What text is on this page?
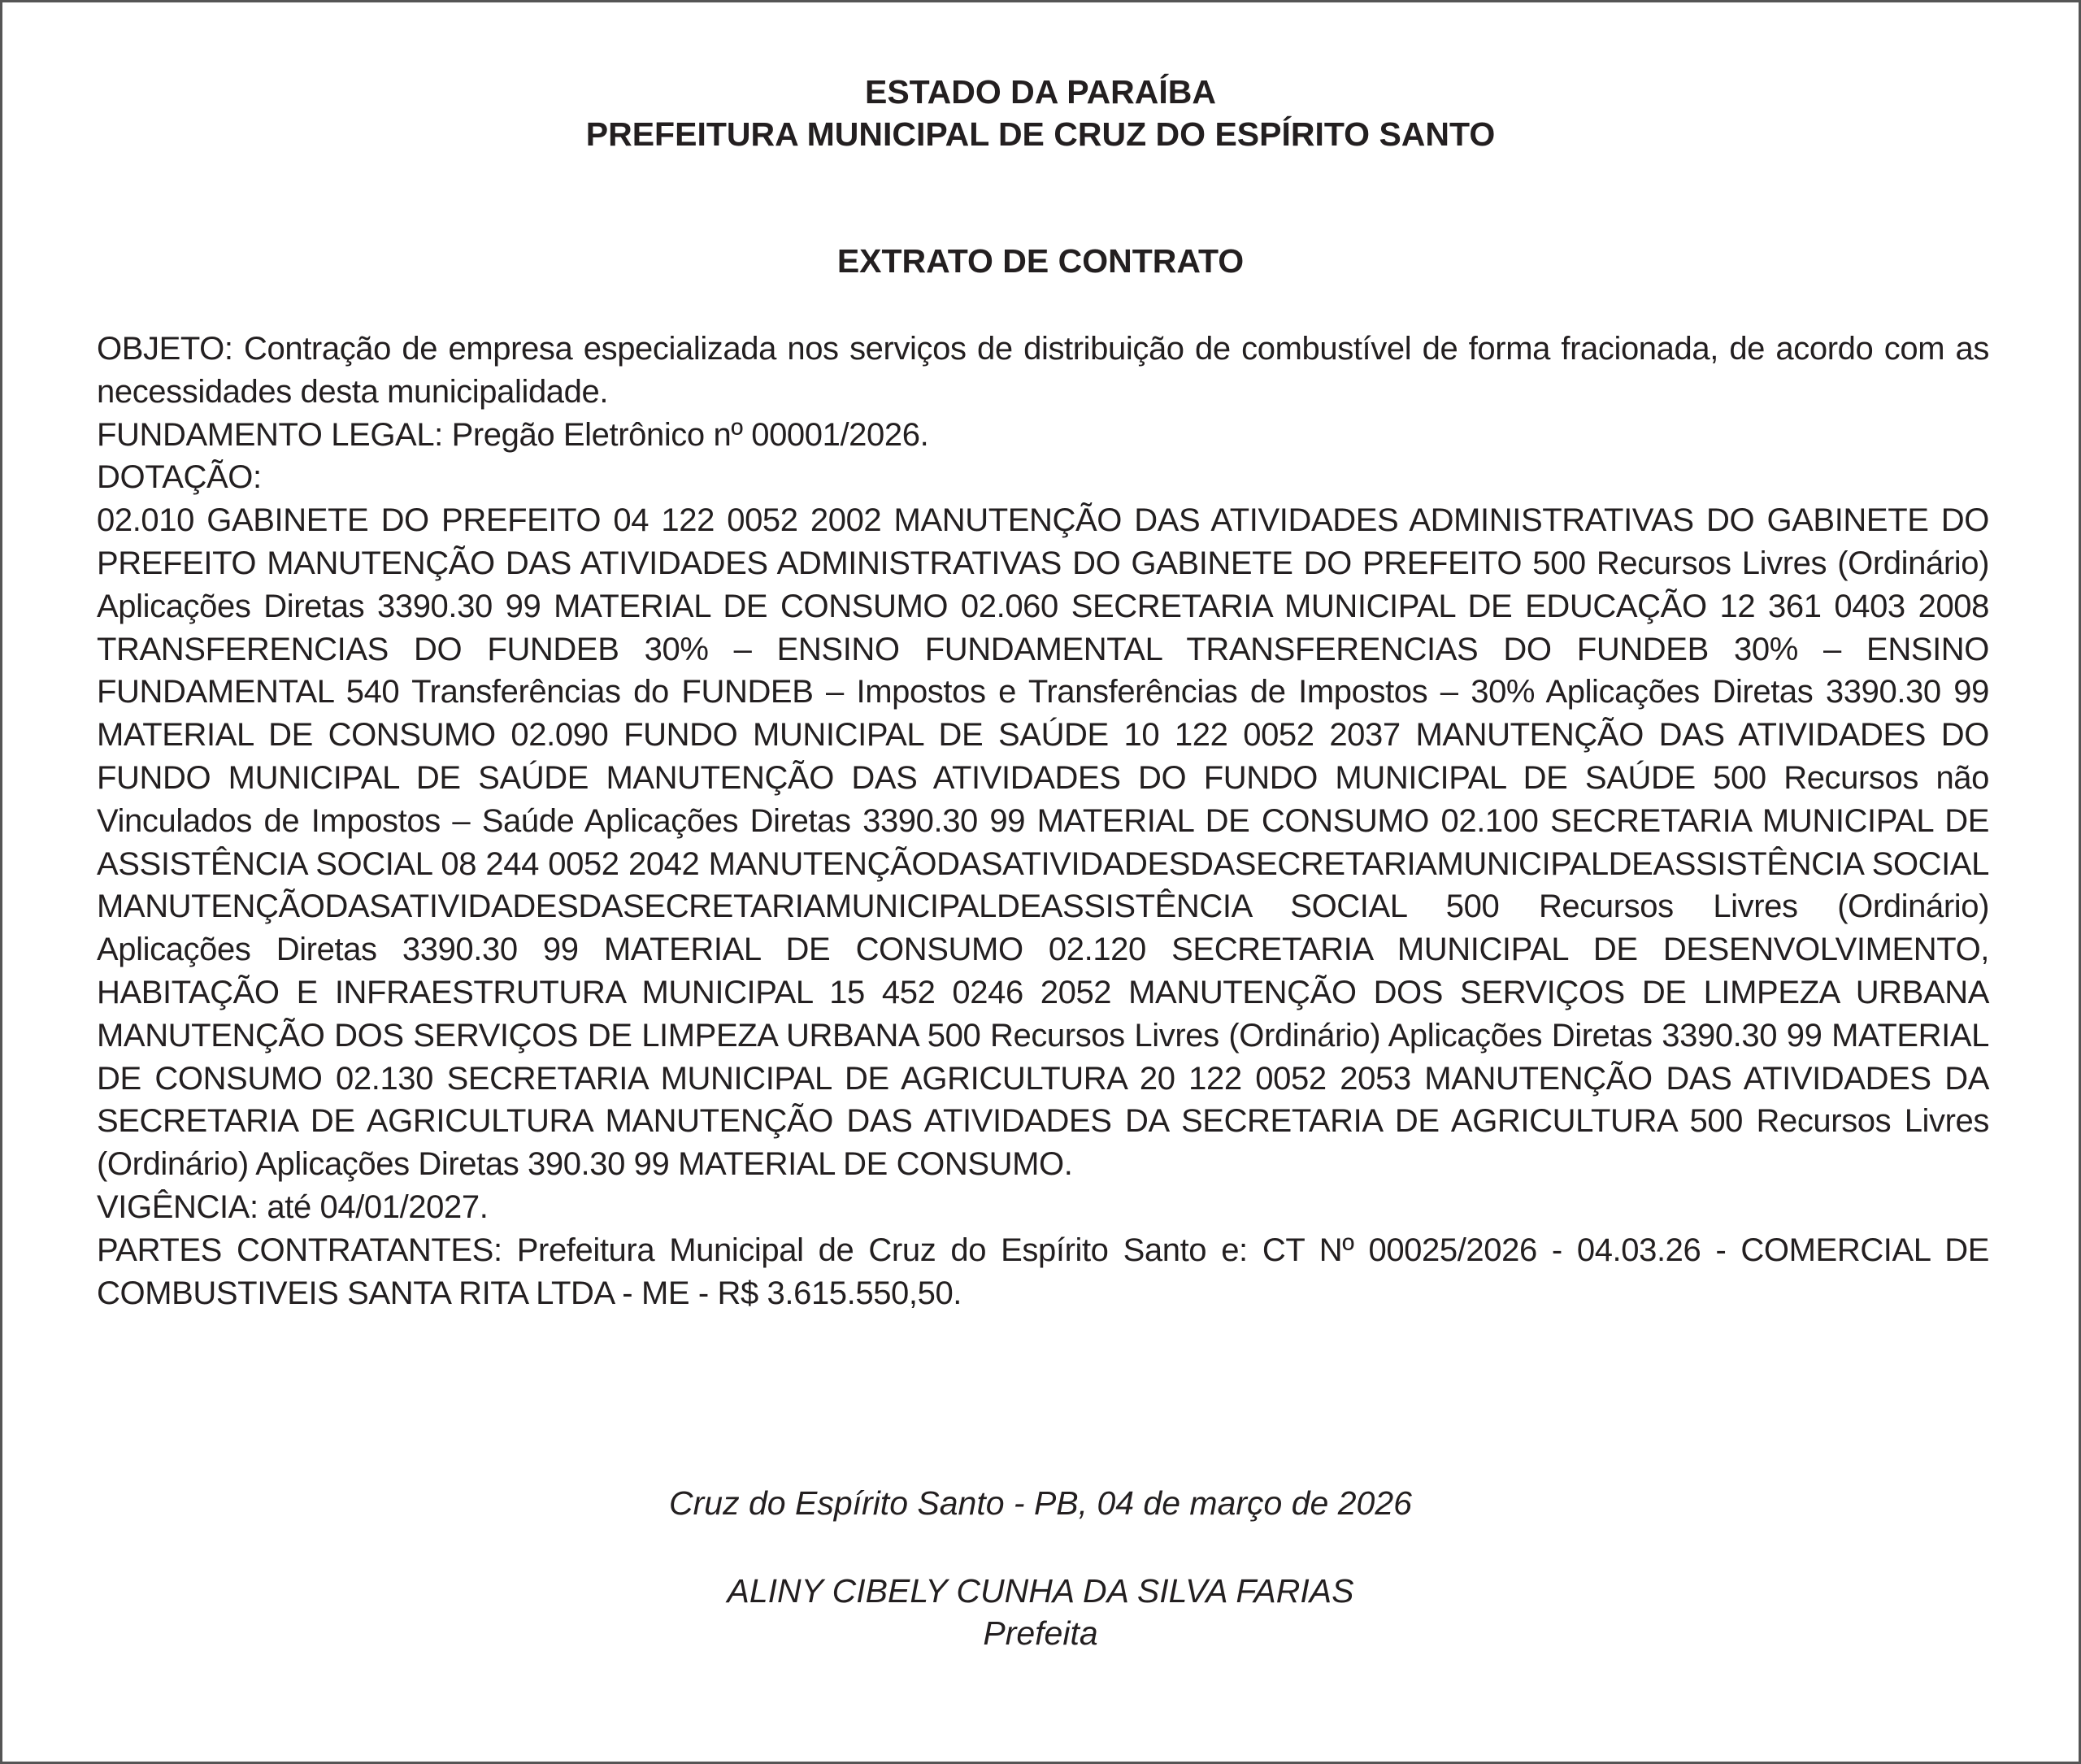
ESTADO DA PARAÍBA
PREFEITURA MUNICIPAL DE CRUZ DO ESPÍRITO SANTO
EXTRATO DE CONTRATO

OBJETO: Contração de empresa especializada nos serviços de distribuição de combustível de forma fracionada, de acordo com as necessidades desta municipalidade.

FUNDAMENTO LEGAL: Pregão Eletrônico nº 00001/2026.

DOTAÇÃO:

02.010 GABINETE DO PREFEITO 04 122 0052 2002 MANUTENÇÃO DAS ATIVIDADES ADMINISTRATIVAS DO GABINETE DO PREFEITO MANUTENÇÃO DAS ATIVIDADES ADMINISTRATIVAS DO GABINETE DO PREFEITO 500 Recursos Livres (Ordinário) Aplicações Diretas 3390.30 99 MATERIAL DE CONSUMO 02.060 SECRETARIA MUNICIPAL DE EDUCAÇÃO 12 361 0403 2008 TRANSFERENCIAS DO FUNDEB 30% – ENSINO FUNDAMENTAL TRANSFERENCIAS DO FUNDEB 30% – ENSINO FUNDAMENTAL 540 Transferências do FUNDEB – Impostos e Transferências de Impostos – 30% Aplicações Diretas 3390.30 99 MATERIAL DE CONSUMO 02.090 FUNDO MUNICIPAL DE SAÚDE 10 122 0052 2037 MANUTENÇÃO DAS ATIVIDADES DO FUNDO MUNICIPAL DE SAÚDE MANUTENÇÃO DAS ATIVIDADES DO FUNDO MUNICIPAL DE SAÚDE 500 Recursos não Vinculados de Impostos – Saúde Aplicações Diretas 3390.30 99 MATERIAL DE CONSUMO 02.100 SECRETARIA MUNICIPAL DE ASSISTÊNCIA SOCIAL 08 244 0052 2042 MANUTENÇÃODASATIVIDADESDASECRETARIAMUNICIPALDEASSISTÊNCIA SOCIAL MANUTENÇÃODASATIVIDADESDASECRETARIAMUNICIPALDEASSISTÊNCIA SOCIAL 500 Recursos Livres (Ordinário) Aplicações Diretas 3390.30 99 MATERIAL DE CONSUMO 02.120 SECRETARIA MUNICIPAL DE DESENVOLVIMENTO, HABITAÇÃO E INFRAESTRUTURA MUNICIPAL 15 452 0246 2052 MANUTENÇÃO DOS SERVIÇOS DE LIMPEZA URBANA MANUTENÇÃO DOS SERVIÇOS DE LIMPEZA URBANA 500 Recursos Livres (Ordinário) Aplicações Diretas 3390.30 99 MATERIAL DE CONSUMO 02.130 SECRETARIA MUNICIPAL DE AGRICULTURA 20 122 0052 2053 MANUTENÇÃO DAS ATIVIDADES DA SECRETARIA DE AGRICULTURA MANUTENÇÃO DAS ATIVIDADES DA SECRETARIA DE AGRICULTURA 500 Recursos Livres (Ordinário) Aplicações Diretas 390.30 99 MATERIAL DE CONSUMO.

VIGÊNCIA: até 04/01/2027.

PARTES CONTRATANTES: Prefeitura Municipal de Cruz do Espírito Santo e: CT Nº 00025/2026 - 04.03.26 - COMERCIAL DE COMBUSTIVEIS SANTA RITA LTDA - ME - R$ 3.615.550,50.

Cruz do Espírito Santo - PB, 04 de março de 2026
ALINY CIBELY CUNHA DA SILVA FARIAS
Prefeita
